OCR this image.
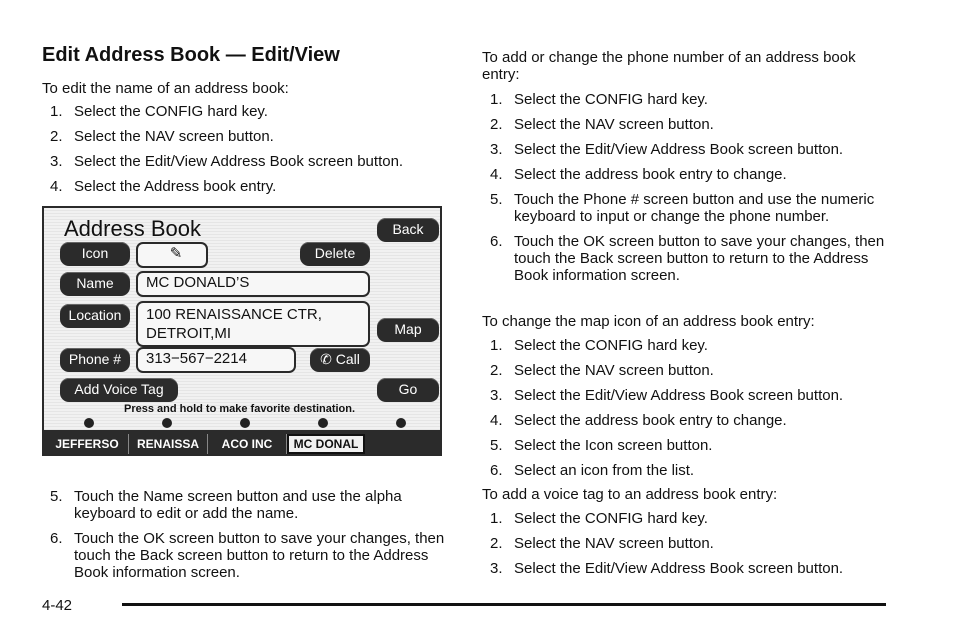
Edit Address Book — Edit/View

To edit the name of an address book:

1. Select the CONFIG hard key.
2. Select the NAV screen button.
3. Select the Edit/View Address Book screen button.
4. Select the Address book entry.
Address Book	Back
Icon	✎	Delete
Name	MC DONALD’S
Location	100 RENAISSANCE CTR,
DETROIT,MI	Map
Phone #	313−567−2214	✆ Call
Add Voice Tag	Go
Press and hold to make favorite destination.
JEFFERSO	RENAISSA	ACO INC	MC DONAL
5. Touch the Name screen button and use the alpha keyboard to edit or add the name.
6. Touch the OK screen button to save your changes, then touch the Back screen button to return to the Address Book information screen.

To add or change the phone number of an address book entry:

1. Select the CONFIG hard key.
2. Select the NAV screen button.
3. Select the Edit/View Address Book screen button.
4. Select the address book entry to change.
5. Touch the Phone # screen button and use the numeric keyboard to input or change the phone number.
6. Touch the OK screen button to save your changes, then touch the Back screen button to return to the Address Book information screen.

To change the map icon of an address book entry:

1. Select the CONFIG hard key.
2. Select the NAV screen button.
3. Select the Edit/View Address Book screen button.
4. Select the address book entry to change.
5. Select the Icon screen button.
6. Select an icon from the list.

To add a voice tag to an address book entry:

1. Select the CONFIG hard key.
2. Select the NAV screen button.
3. Select the Edit/View Address Book screen button.
4-42
